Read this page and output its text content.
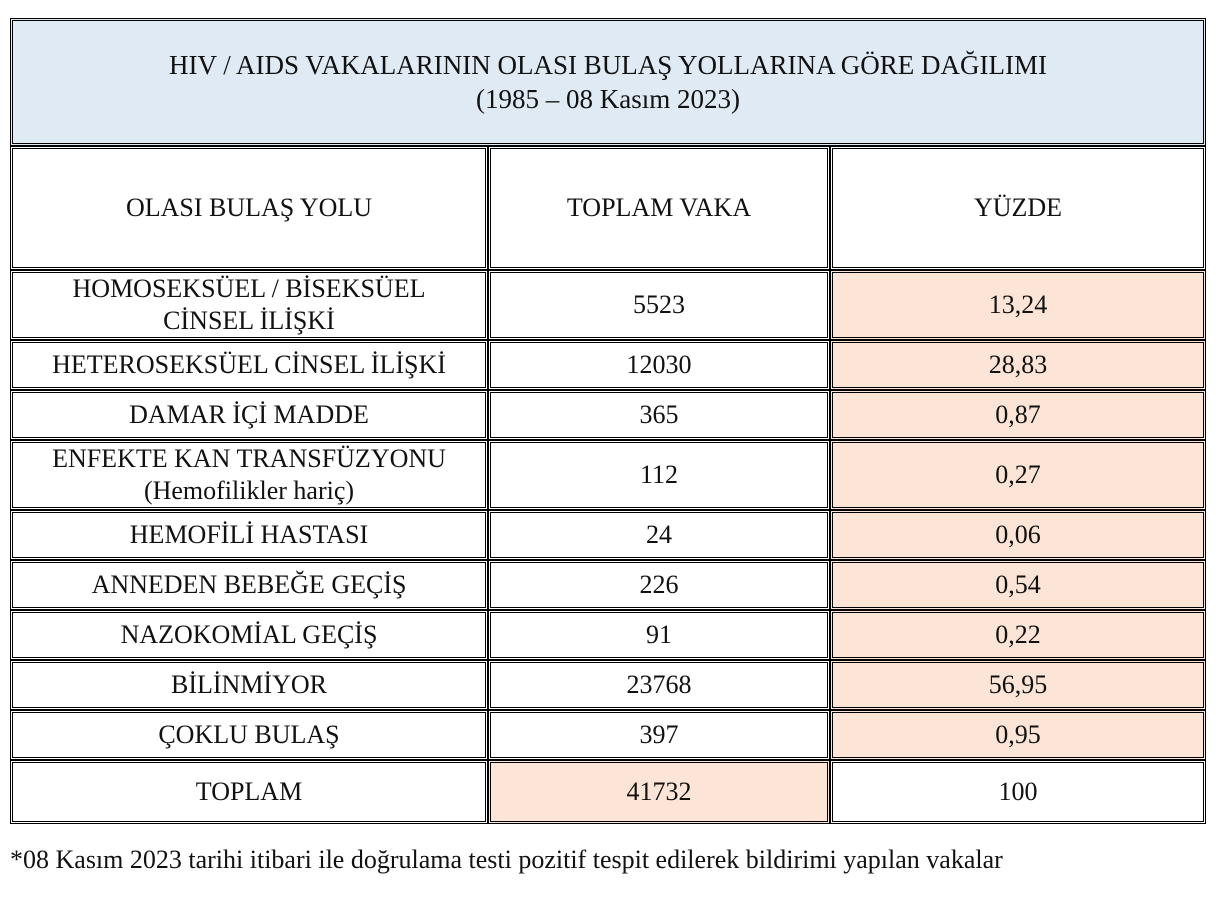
HIV / AIDS VAKALARININ OLASI BULAŞ YOLLARINA GÖRE DAĞILIMI
(1985 – 08 Kasım 2023)		

OLASI BULAŞ YOLU	TOPLAM VAKA	YÜZDE

HOMOSEKSÜEL / BİSEKSÜEL
CİNSEL İLİŞKİ	5523	13,24

HETEROSEKSÜEL CİNSEL İLİŞKİ	12030	28,83

DAMAR İÇİ MADDE	365	0,87

ENFEKTE KAN TRANSFÜZYONU
(Hemofilikler hariç)	112	0,27

HEMOFİLİ HASTASI	24	0,06

ANNEDEN BEBEĞE GEÇİŞ	226	0,54

NAZOKOMİAL GEÇİŞ	91	0,22

BİLİNMİYOR	23768	56,95

ÇOKLU BULAŞ	397	0,95
TOPLAM	41732	100
*08 Kasım 2023 tarihi itibari ile doğrulama testi pozitif tespit edilerek bildirimi yapılan vakalar
